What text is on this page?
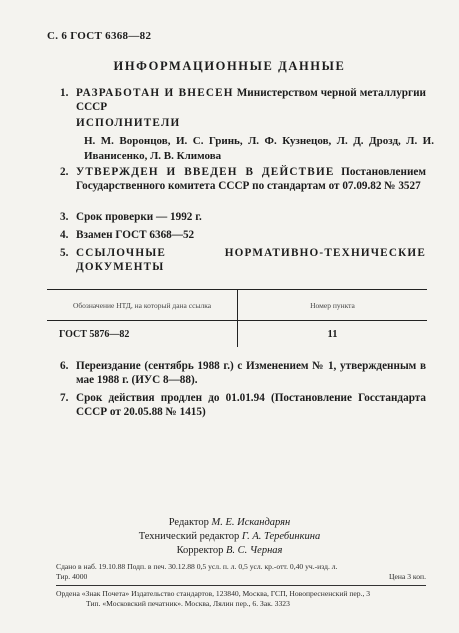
С. 6 ГОСТ 6368—82
ИНФОРМАЦИОННЫЕ ДАННЫЕ
1. РАЗРАБОТАН И ВНЕСЕН Министерством черной металлургии СССР
ИСПОЛНИТЕЛИ
Н. М. Воронцов, И. С. Гринь, Л. Ф. Кузнецов, Л. Д. Дрозд, Л. И. Иванисенко, Л. В. Климова
2. УТВЕРЖДЕН И ВВЕДЕН В ДЕЙСТВИЕ Постановлением Государственного комитета СССР по стандартам от 07.09.82 № 3527
3. Срок проверки — 1992 г.
4. Взамен ГОСТ 6368—52
5. ССЫЛОЧНЫЕ НОРМАТИВНО-ТЕХНИЧЕСКИЕ ДОКУМЕНТЫ
Обозначение НТД, на который дана ссылка	Номер пункта
ГОСТ 5876—82	11
6. Переиздание (сентябрь 1988 г.) с Изменением № 1, утвержденным в мае 1988 г. (ИУС 8—88).
7. Срок действия продлен до 01.01.94 (Постановление Госстандарта СССР от 20.05.88 № 1415)
Редактор М. Е. Искандарян
Технический редактор Г. А. Теребинкина
Корректор В. С. Черная
Сдано в наб. 19.10.88 Подп. в печ. 30.12.88 0,5 усл. п. л. 0,5 усл. кр.-отт. 0,40 уч.-изд. л.
Тир. 4000	Цена 3 коп.
Ордена «Знак Почета» Издательство стандартов, 123840, Москва, ГСП, Новопресненский пер., 3
Тип. «Московский печатник». Москва, Лялин пер., 6. Зак. 3323
